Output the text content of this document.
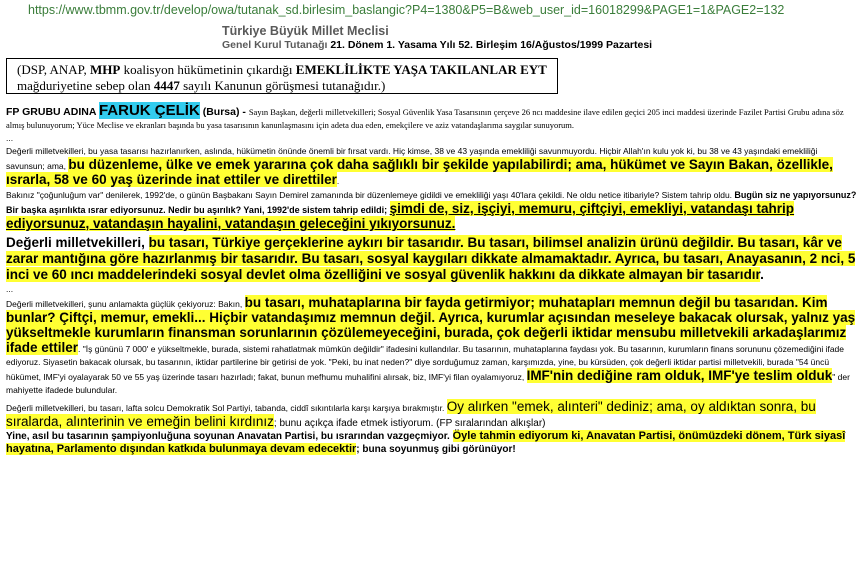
https://www.tbmm.gov.tr/develop/owa/tutanak_sd.birlesim_baslangic?P4=1380&P5=B&web_user_id=16018299&PAGE1=1&PAGE2=132
Türkiye Büyük Millet Meclisi
Genel Kurul Tutanağı 21. Dönem 1. Yasama Yılı 52. Birleşim 16/Ağustos/1999 Pazartesi
(DSP, ANAP, MHP koalisyon hükümetinin çıkardığı EMEKLİLİKTE YAŞA TAKILANLAR EYT mağduriyetine sebep olan 4447 sayılı Kanunun görüşmesi tutanağıdır.)

FP GRUBU ADINA FARUK ÇELİK (Bursa) - Sayın Başkan, değerli milletvekilleri; Sosyal Güvenlik Yasa Tasarısının çerçeve 26 ncı maddesine ilave edilen geçici 205 inci maddesi üzerinde Fazilet Partisi Grubu adına söz almış bulunuyorum; Yüce Meclise ve ekranları başında bu yasa tasarısının kanunlaşmasını için adeta dua eden, emekçilere ve aziz vatandaşlarıma saygılar sunuyorum.

...

Değerli milletvekilleri, bu yasa tasarısı hazırlanırken, aslında, hükümetin önünde önemli bir fırsat vardı. Hiç kimse, 38 ve 43 yaşında emekliliği savunmuyordu. Hiçbir Allah'ın kulu yok ki, bu 38 ve 43 yaşındaki emekliliği savunsun; ama, bu düzenleme, ülke ve emek yararına çok daha sağlıklı bir şekilde yapılabilirdi; ama, hükümet ve Sayın Bakan, özellikle, ısrarla, 58 ve 60 yaş üzerinde inat ettiler ve direttiler.

Bakınız "çoğunluğum var" denilerek, 1992'de, o günün Başbakanı Sayın Demirel zamanında bir düzenlemeye gidildi ve emekliliği yaşı 40'lara çekildi. Ne oldu netice itibariyle? Sistem tahrip oldu. Bugün siz ne yapıyorsunuz? Bir başka aşırılıkta ısrar ediyorsunuz. Nedir bu aşırılık? Yani, 1992'de sistem tahrip edildi; şimdi de, siz, işçiyi, memuru, çiftçiyi, emekliyi, vatandaşı tahrip ediyorsunuz, vatandaşın hayalini, vatandaşın geleceğini yıkıyorsunuz.

Değerli milletvekilleri, bu tasarı, Türkiye gerçeklerine aykırı bir tasarıdır. Bu tasarı, bilimsel analizin ürünü değildir. Bu tasarı, kâr ve zarar mantığına göre hazırlanmış bir tasarıdır. Bu tasarı, sosyal kaygıları dikkate almamaktadır. Ayrıca, bu tasarı, Anayasanın, 2 nci, 5 inci ve 60 ıncı maddelerindeki sosyal devlet olma özelliğini ve sosyal güvenlik hakkını da dikkate almayan bir tasarıdır.

...

Değerli milletvekilleri, şunu anlamakta güçlük çekiyoruz: Bakın, bu tasarı, muhataplarına bir fayda getirmiyor; muhatapları memnun değil bu tasarıdan. Kim bunlar? Çiftçi, memur, emekli... Hiçbir vatandaşımız memnun değil. Ayrıca, kurumlar açısından meseleye bakacak olursak, yalnız yaş yükseltmekle kurumların finansman sorunlarının çözülemeyeceğini, burada, çok değerli iktidar mensubu milletvekili arkadaşlarımız ifade ettiler. "İş gününü 7 000' e yükseltmekle, burada, sistemi rahatlatmak mümkün değildir" ifadesini kullandılar. Bu tasarının, muhataplarına faydası yok. Bu tasarının, kurumların finans sorununu çözemediğini ifade ediyoruz. Siyasetin bakacak olursak, bu tasarının, iktidar partilerine bir getirisi de yok. "Peki, bu inat neden?" diye sorduğumuz zaman, karşımızda, yine, bu kürsüden, çok değerli iktidar partisi milletvekili, burada "54 üncü hükümet, IMF'yi oyalayarak 50 ve 55 yaş üzerinde tasarı hazırladı; fakat, bunun mefhumu muhalifini alırsak, biz, IMF'yi filan oyalamıyoruz, IMF'nin dediğine ram olduk, IMF'ye teslim olduk" der mahiyette ifadede bulundular.

Değerli milletvekilleri, bu tasarı, lafta solcu Demokratik Sol Partiyi, tabanda, ciddî sıkıntılarla karşı karşıya bırakmıştır. Oy alırken "emek, alınteri" dediniz; ama, oy aldıktan sonra, bu sıralarda, alınterinin ve emeğin belini kırdınız; bunu açıkça ifade etmek istiyorum. (FP sıralarından alkışlar)

Yine, asıl bu tasarının şampiyonluğuna soyunan Anavatan Partisi, bu ısrarından vazgeçmiyor. Öyle tahmin ediyorum ki, Anavatan Partisi, önümüzdeki dönem, Türk siyasî hayatına, Parlamento dışından katkıda bulunmaya devam edecektir; buna soyunmuş gibi görünüyor!
